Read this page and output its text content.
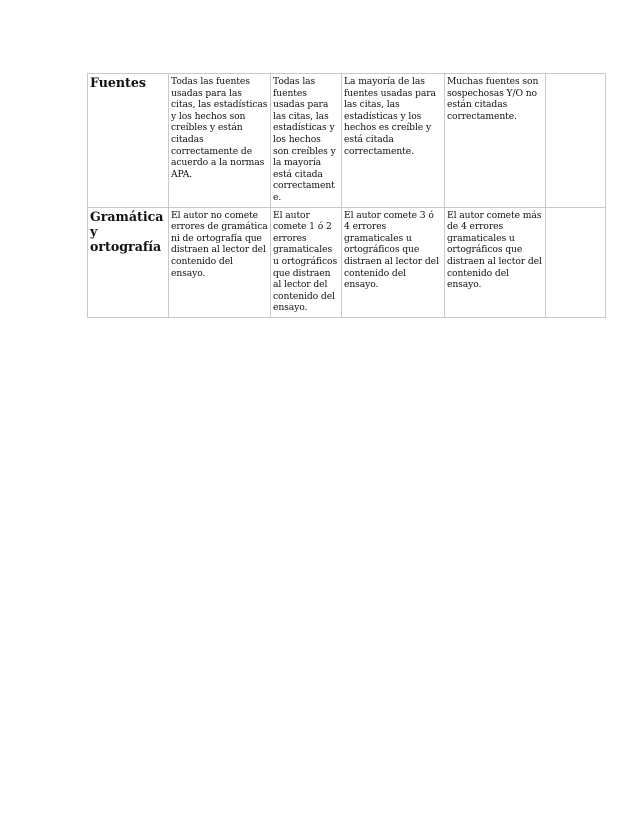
Fuentes	Todas las fuentes usadas para las citas, las estadísticas y los hechos son creíbles y están citadas correctamente de acuerdo a la normas APA.	Todas las fuentes usadas para las citas, las estadísticas y los hechos son creíbles y la mayoría está citada correctamente.	La mayoría de las fuentes usadas para las citas, las estadísticas y los hechos es creíble y está citada correctamente.	Muchas fuentes son sospechosas Y/O no están citadas correctamente.	
Gramática y ortografía	El autor no comete errores de gramática ni de ortografía que distraen al lector del contenido del ensayo.	El autor comete 1 ó 2 errores gramaticales u ortográficos que distraen al lector del contenido del ensayo.	El autor comete 3 ó 4 errores gramaticales u ortográficos que distraen al lector del contenido del ensayo.	El autor comete más de 4 errores gramaticales u ortográficos que distraen al lector del contenido del ensayo.	
